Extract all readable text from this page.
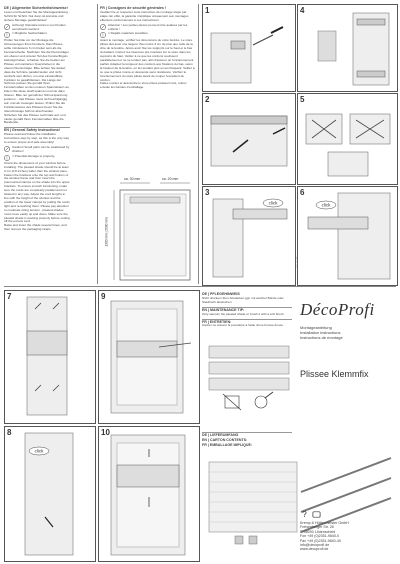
DE | Allgemeine Sicherheitshinweise!
Lesen und beachten Sie die Montageanleitung. Schritt für Schritt. Nur dann ist korrekte und sichere Montage gewährleistet!
Achtung! Kleinteile können von Kindern verschluckt werden!
! = Mögliche Sachschäden.
Prüfen Sie bitte vor der Montage die Abmessungen Ihres Fensters. Das Plissee sollte mindestens 3 cm breiter sein als die Fensterscheibe. Nachdem Sie die Klemmträger am oberen und unteren Teil des Fensterflügels befestigt haben, schieben Sie die beiden am Plissee vormontierten Querstreben in die oberen Klemmträger. Bitte achten Sie darauf, dass die Schnüre parallel laufen und nicht verdreht sein dürfen, um eine einwandfreie Funktion zu gewährleisten. Die Länge der Schnüre passen Sie gemäß Ihren Fenstermaßen an den unteren Spannfedern an, indem Sie diese straff spannen und sie dann fixieren. Bitte nur gemäß der Schnurspannung justieren – das Plissee muss sich leichtgängig auf- und ab- bewegen lassen. Prüfen Sie die Funktionsweise des Plissees bevor Sie die überschüssige Schnur abschneiden.
Schieben Sie das Plissee mehrmals auf- und nieder gemäß Ihren Fenstermaßen bitte die Bandende.
EN | General Safety Instructions!
Please read and follow the installation instructions step by step, as this is the only way to ensure proper and safe assembly!
Caution! Small parts can be swallowed by children!
! = Potential damage to property.
Check the dimensions of your window before installing. The pleated shade should be at least 3 cm (0.8 inches) wider than the window pane. Fasten the brackets onto the top and bottom of the window frame and then insert the premounted clamps on the shade into the upper brackets. To ensure smooth functioning, make sure the cords are completely parallel and not twisted in any way. Adjust the cord lengths in line with the height of the window and the position of the lower clamps by pulling the cords tight and re-working them. Please pay attention to moderate string tension - pleated shades must move easily up and down. Make sure the pleated shade is working properly before cutting off the excess cord.
Raise and lower the shade several times, and then remove the packaging straps.
FR | Consignes de sécurité générales !
Veuillez lire et respecter cette instruction de montage étape par étape. En effet, la garantie n'applique uniquement aux montages effectués conformément à ces instructions!
Attention ! Les petites pièces peuvent être avalées par les enfants !
! = Dégâts matériels possibles.
Avant le montage, vérifiez les dimensions de votre fenêtre. Le store plissé doit avoir une largeur d'au moins 3 cm de plus que celle de la vitre de la fenêtre. Après avoir fixé les supports sur le haut et le bas du battant, insérez les traverses pré-montées sur le store dans les supports du haut. Veillez à ce que les cordons coulissent parallèlement et ne se tordent pas, afin d'assurer un fonctionnement parfait. Adaptez la longueur des cordons aux fixations du bas, selon la hauteur de la fenêtre, en les tendant puis en les bloquant. Veillez à ce que le plissé monte et descende sans résistance. Vérifiez le fonctionnement du store plissé avant de couper l'excédent de cordon.
Faites monter et descendre le store plissé plusieurs fois, retirez ensuite les bandes d'emballage.
ca. 30 mm	ca. 20 mm
1300 mm | 2000 mm
1	4
2	5
3
click
6
click
7	9
8
click
10
DE | PFLEGEHINWEIS
Nicht drucken! Zum Abstauben ggf. mit weicher Bürste oder Staubtuch abwischen.
EN | MAINTENANCE TIP:
Only vacuum the pleated shade or brush it with a soft brush.
FR | ENTRETIEN:
Aspirer ou enlever la poussière à l'aide d'une brosse douce.
DE | LIEFERUMFANG
EN | CARTON CONTENTS:
FR | EMBALLAGE IMPLIQUE:
DécoProfi
Montageanleitung
Installation instructions
Instructions de montage
Plissee Klemmfix
?
Kremp & Hüttenmeister GmbH
Freisenberger Str. 26
D-58093 Lüdenscheid
Fon +49 (0)2351-9840-0
Fax +49 (0)2351-9840-40
info@decoprofi.de
www.decoprofi.de
